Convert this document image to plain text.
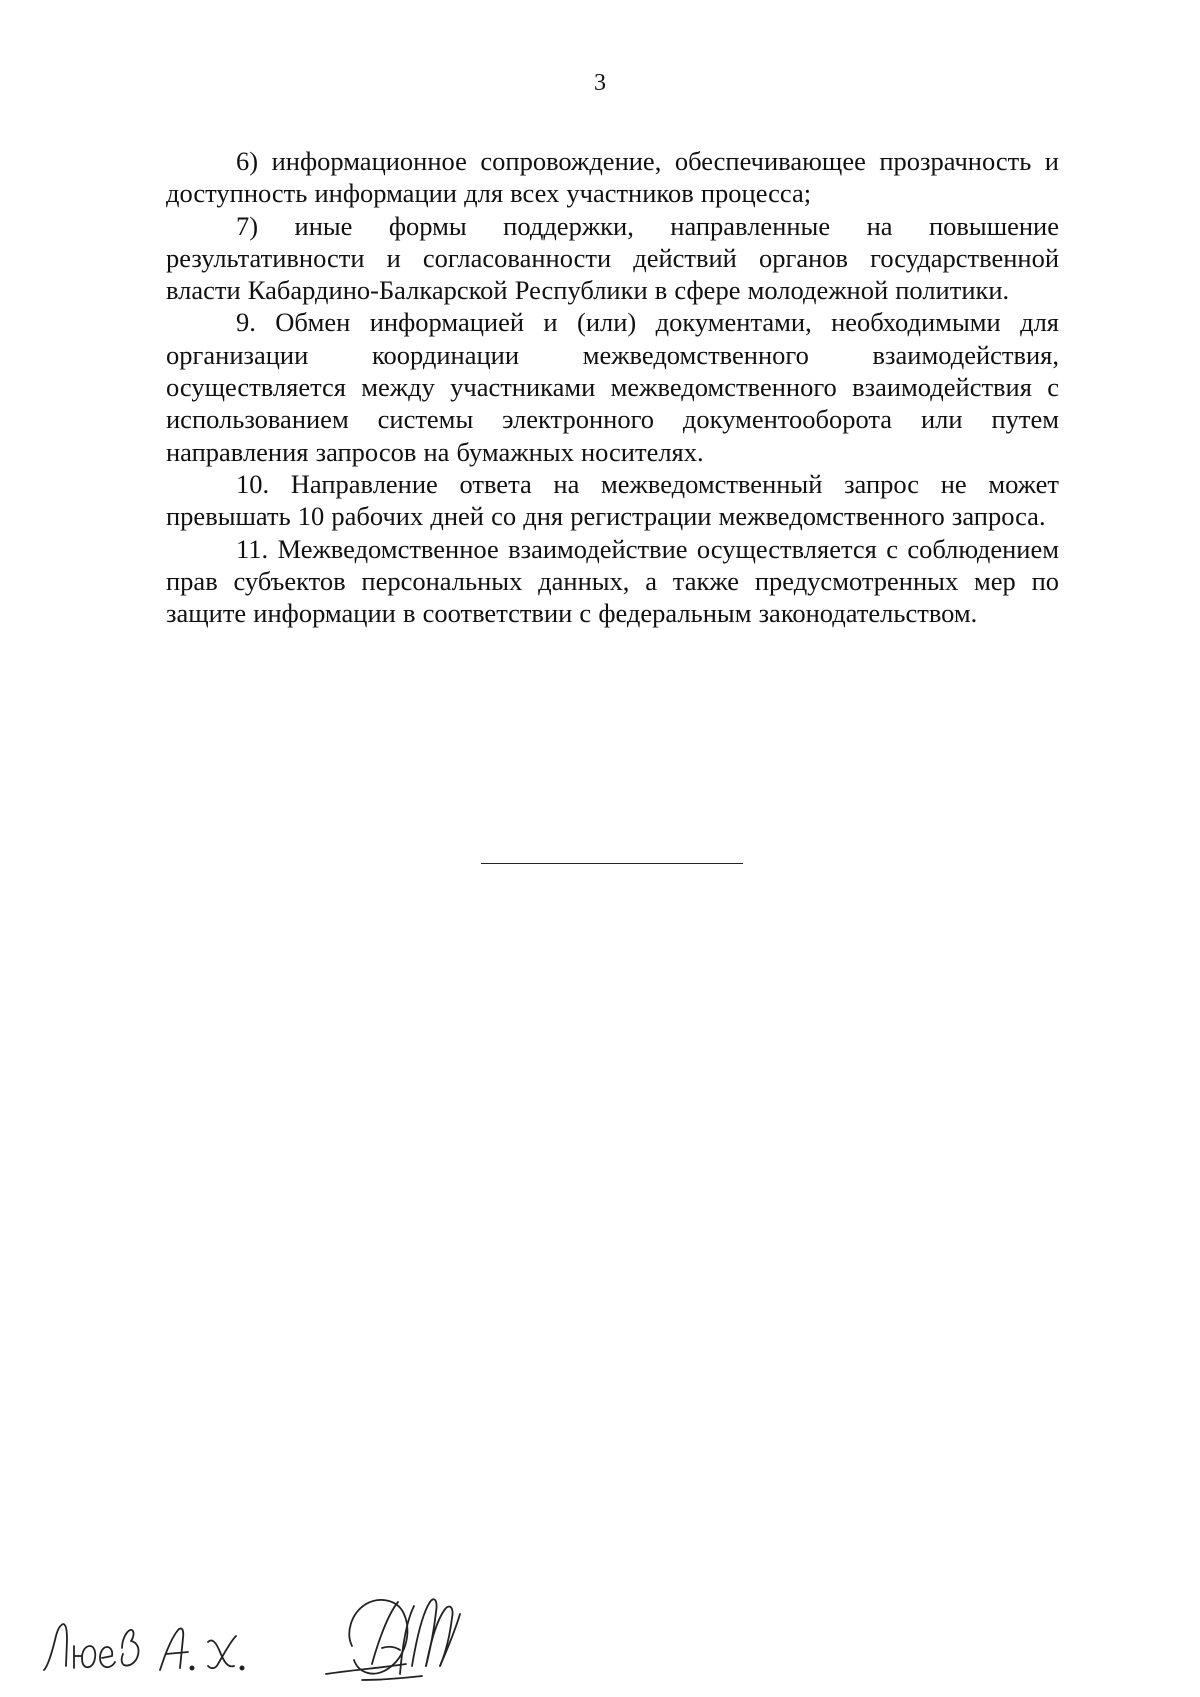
3

6) информационное сопровождение, обеспечивающее прозрачность и доступность информации для всех участников процесса;

7) иные формы поддержки, направленные на повышение результативности и согласованности действий органов государственной власти Кабардино-Балкарской Республики в сфере молодежной политики.

9. Обмен информацией и (или) документами, необходимыми для организации координации межведомственного взаимодействия, осуществляется между участниками межведомственного взаимодействия с использованием системы электронного документооборота или путем направления запросов на бумажных носителях.

10. Направление ответа на межведомственный запрос не может превышать 10 рабочих дней со дня регистрации межведомственного запроса.

11. Межведомственное взаимодействие осуществляется с соблюдением прав субъектов персональных данных, а также предусмотренных мер по защите информации в соответствии с федеральным законодательством.
